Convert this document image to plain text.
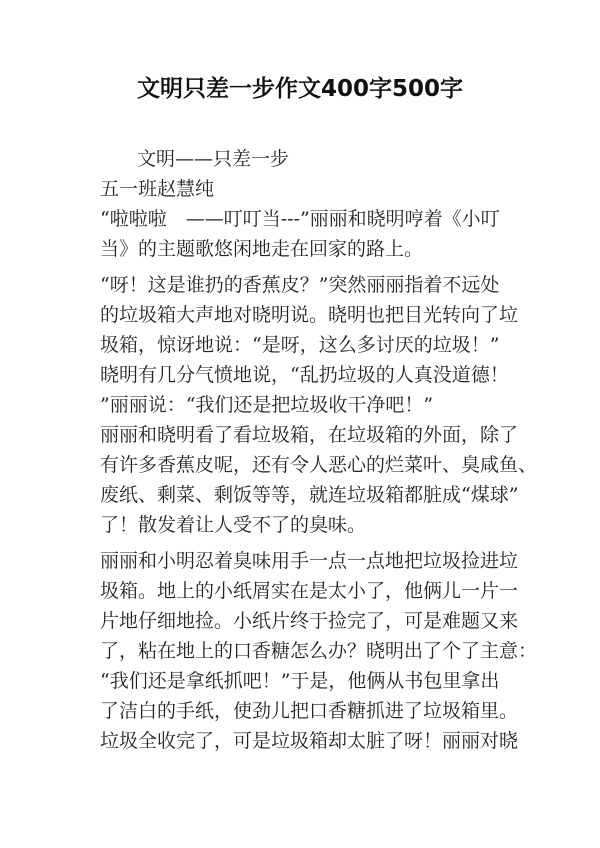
文明只差一步作文400字500字
文明——只差一步
五一班赵慧纯
“啦啦啦　——叮叮当---”丽丽和晓明哼着《小叮
当》的主题歌悠闲地走在回家的路上。
“呀！这是谁扔的香蕉皮？”突然丽丽指着不远处
的垃圾箱大声地对晓明说。晓明也把目光转向了垃
圾箱，惊讶地说：“是呀，这么多讨厌的垃圾！”
晓明有几分气愤地说，“乱扔垃圾的人真没道德！
”丽丽说：“我们还是把垃圾收干净吧！”
丽丽和晓明看了看垃圾箱，在垃圾箱的外面，除了
有许多香蕉皮呢，还有令人恶心的烂菜叶、臭咸鱼、
废纸、剩菜、剩饭等等，就连垃圾箱都脏成“煤球”
了！散发着让人受不了的臭味。
丽丽和小明忍着臭味用手一点一点地把垃圾捡进垃
圾箱。地上的小纸屑实在是太小了，他俩儿一片一
片地仔细地捡。小纸片终于捡完了，可是难题又来
了，粘在地上的口香糖怎么办？晓明出了个了主意：
“我们还是拿纸抓吧！”于是，他俩从书包里拿出
了洁白的手纸，使劲儿把口香糖抓进了垃圾箱里。
垃圾全收完了，可是垃圾箱却太脏了呀！丽丽对晓
